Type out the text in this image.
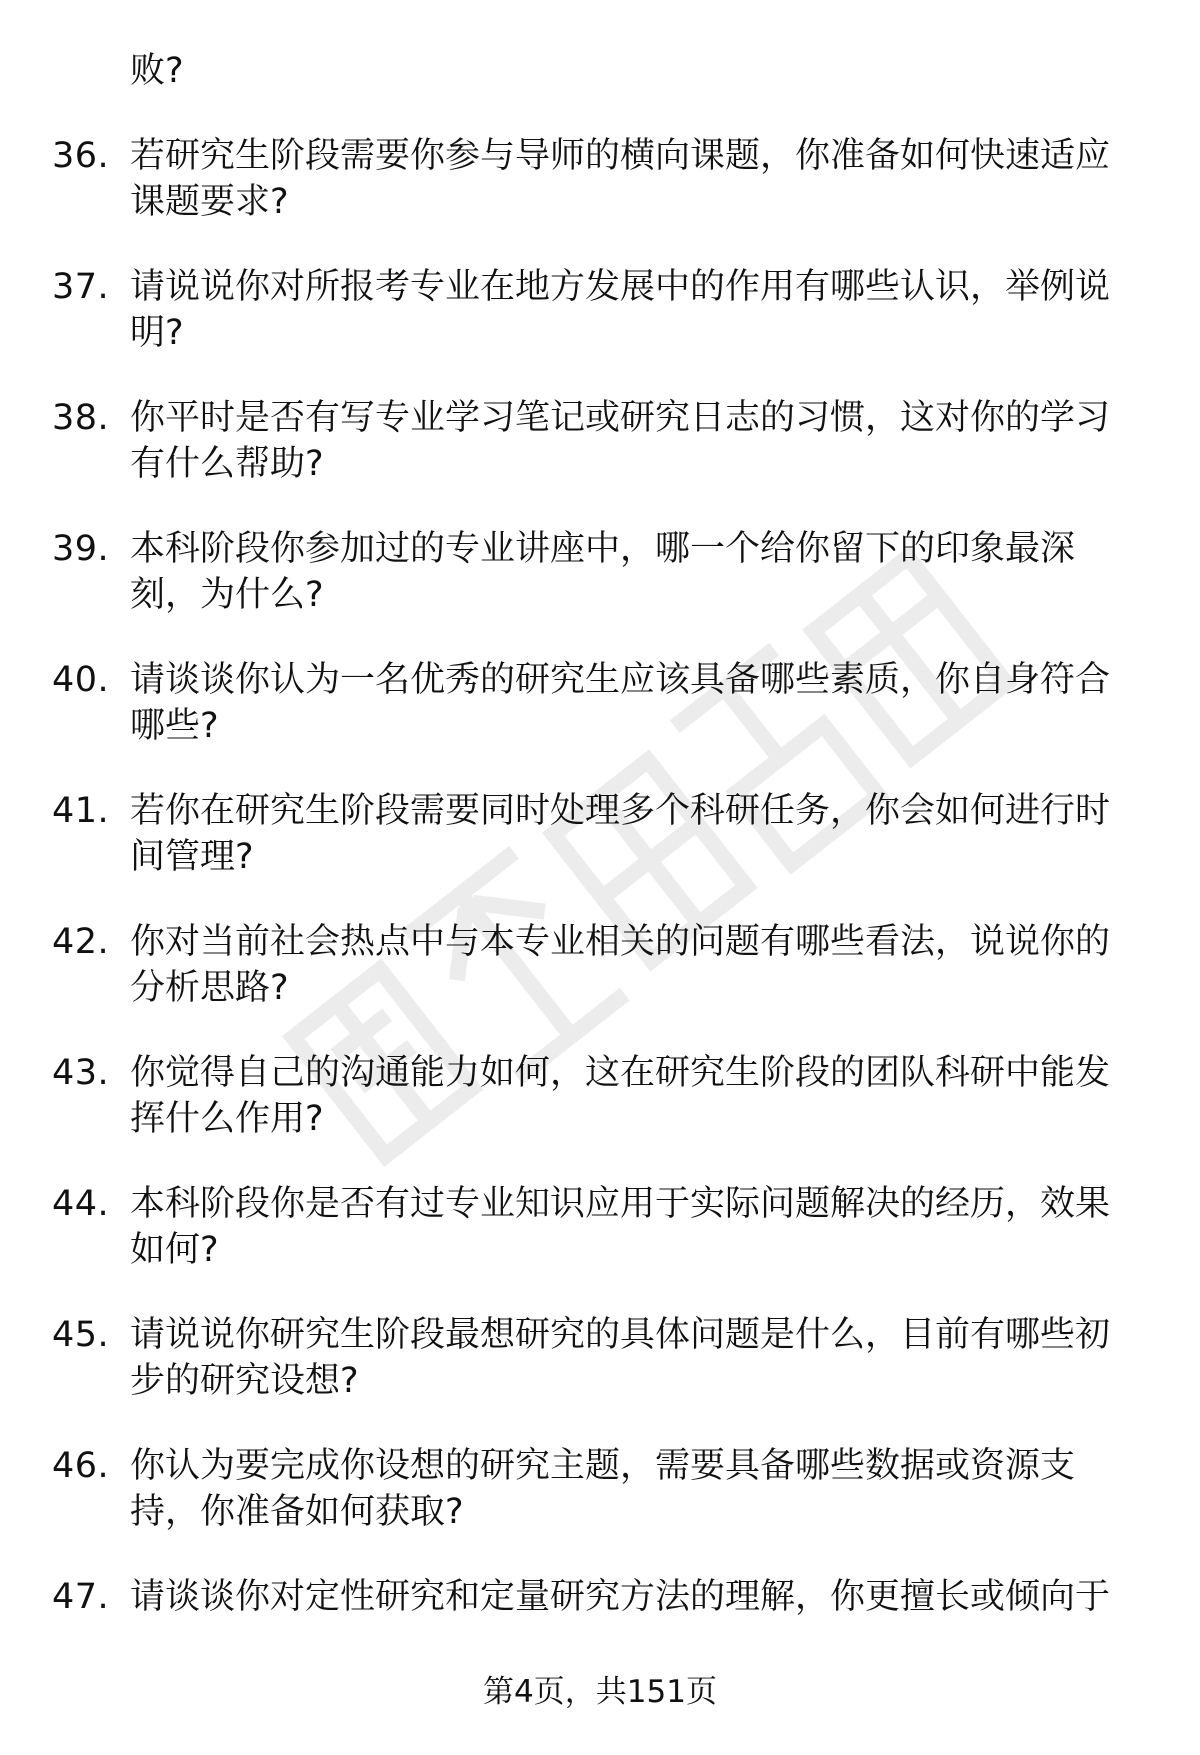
败?
36. 若研究生阶段需要你参与导师的横向课题，你准备如何快速适应
课题要求?
37. 请说说你对所报考专业在地方发展中的作用有哪些认识，举例说
明?
38. 你平时是否有写专业学习笔记或研究日志的习惯，这对你的学习
有什么帮助?
39. 本科阶段你参加过的专业讲座中，哪一个给你留下的印象最深
刻，为什么?
40. 请谈谈你认为一名优秀的研究生应该具备哪些素质，你自身符合
哪些?
41. 若你在研究生阶段需要同时处理多个科研任务，你会如何进行时
间管理?
42. 你对当前社会热点中与本专业相关的问题有哪些看法，说说你的
分析思路?
43. 你觉得自己的沟通能力如何，这在研究生阶段的团队科研中能发
挥什么作用?
44. 本科阶段你是否有过专业知识应用于实际问题解决的经历，效果
如何?
45. 请说说你研究生阶段最想研究的具体问题是什么，目前有哪些初
步的研究设想?
46. 你认为要完成你设想的研究主题，需要具备哪些数据或资源支
持，你准备如何获取?
47. 请谈谈你对定性研究和定量研究方法的理解，你更擅长或倾向于
第4页，共151页
